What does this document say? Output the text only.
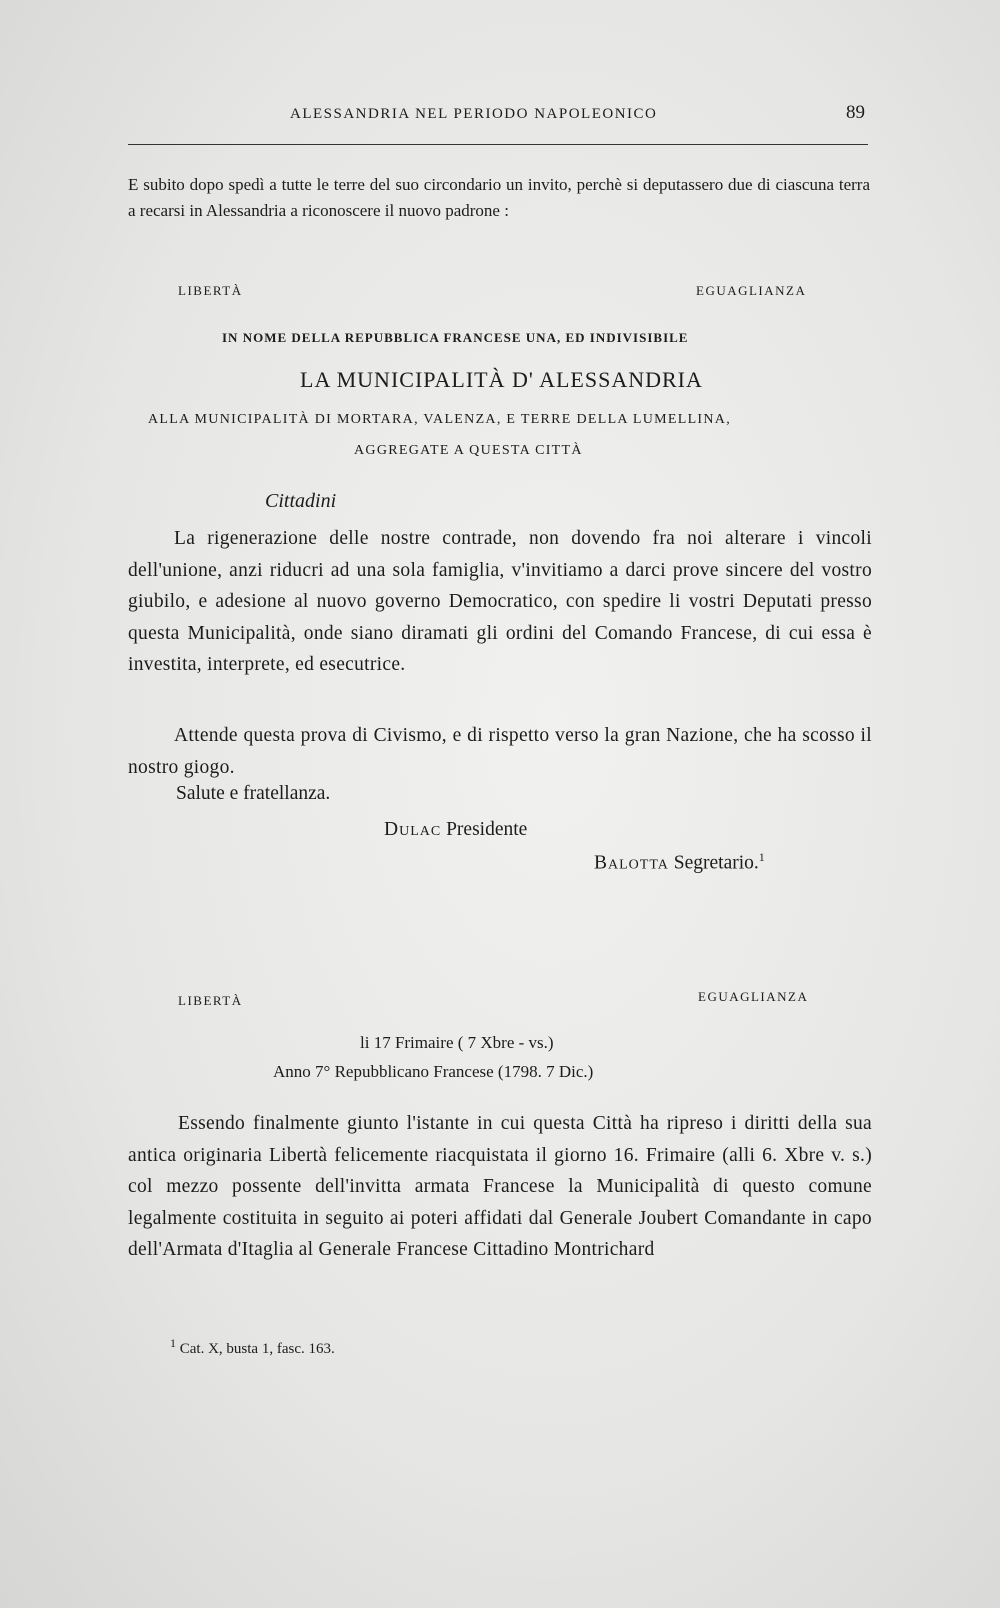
ALESSANDRIA NEL PERIODO NAPOLEONICO	89
E subito dopo spedì a tutte le terre del suo circondario un invito, perchè si deputassero due di ciascuna terra a recarsi in Alessandria a riconoscere il nuovo padrone :
LIBERTÀ	EGUAGLIANZA
IN NOME DELLA REPUBBLICA FRANCESE UNA, ED INDIVISIBILE
LA MUNICIPALITÀ D' ALESSANDRIA
ALLA MUNICIPALITÀ DI MORTARA, VALENZA, E TERRE DELLA LUMELLINA,
AGGREGATE A QUESTA CITTÀ
Cittadini
La rigenerazione delle nostre contrade, non dovendo fra noi alterare i vincoli dell'unione, anzi riducri ad una sola famiglia, v'invitiamo a darci prove sincere del vostro giubilo, e adesione al nuovo governo Democratico, con spedire li vostri Deputati presso questa Municipalità, onde siano diramati gli ordini del Comando Francese, di cui essa è investita, interprete, ed esecutrice.
Attende questa prova di Civismo, e di rispetto verso la gran Nazione, che ha scosso il nostro giogo.
Salute e fratellanza.
Dulac Presidente
Balotta Segretario.$^1$
LIBERTÀ	EGUAGLIANZA
li 17 Frimaire ( 7 Xbre - vs.)
Anno 7° Repubblicano Francese (1798. 7 Dic.)
Essendo finalmente giunto l'istante in cui questa Città ha ripreso i diritti della sua antica originaria Libertà felicemente riacquistata il giorno 16. Frimaire (alli 6. Xbre v. s.) col mezzo possente dell'invitta armata Francese la Municipalità di questo comune legalmente costituita in seguito ai poteri affidati dal Generale Joubert Comandante in capo dell'Armata d'Itaglia al Generale Francese Cittadino Montrichard
$^1$ Cat. X, busta 1, fasc. 163.
